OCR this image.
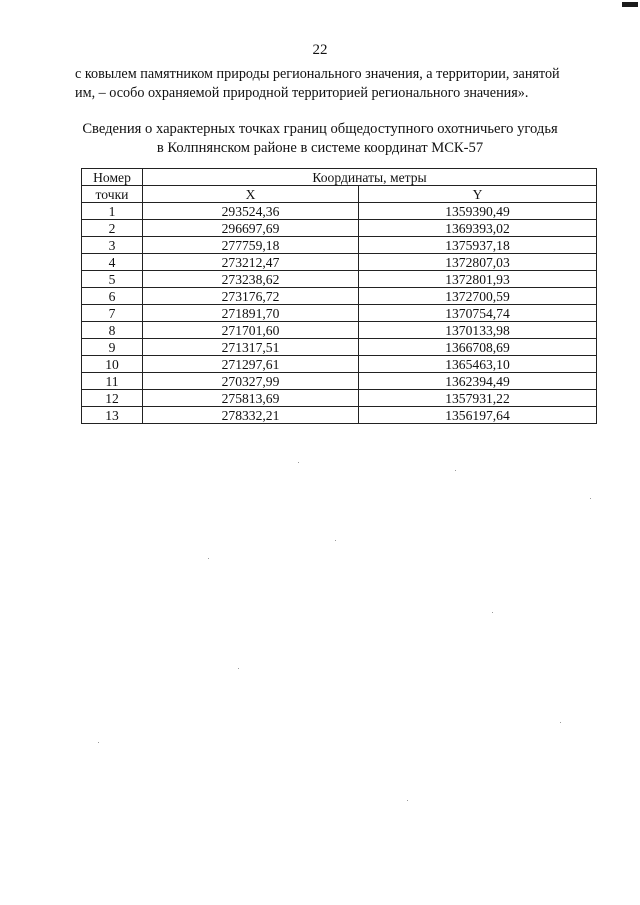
22
с ковылем памятником природы регионального значения, а территории, занятой
им, – особо охраняемой природной территорией регионального значения».
Сведения о характерных точках границ общедоступного охотничьего угодья
в Колпнянском районе в системе координат МСК-57
Номер	Координаты, метры	
точки	X	Y
1	293524,36	1359390,49
2	296697,69	1369393,02
3	277759,18	1375937,18
4	273212,47	1372807,03
5	273238,62	1372801,93
6	273176,72	1372700,59
7	271891,70	1370754,74
8	271701,60	1370133,98
9	271317,51	1366708,69
10	271297,61	1365463,10
11	270327,99	1362394,49
12	275813,69	1357931,22
13	278332,21	1356197,64
